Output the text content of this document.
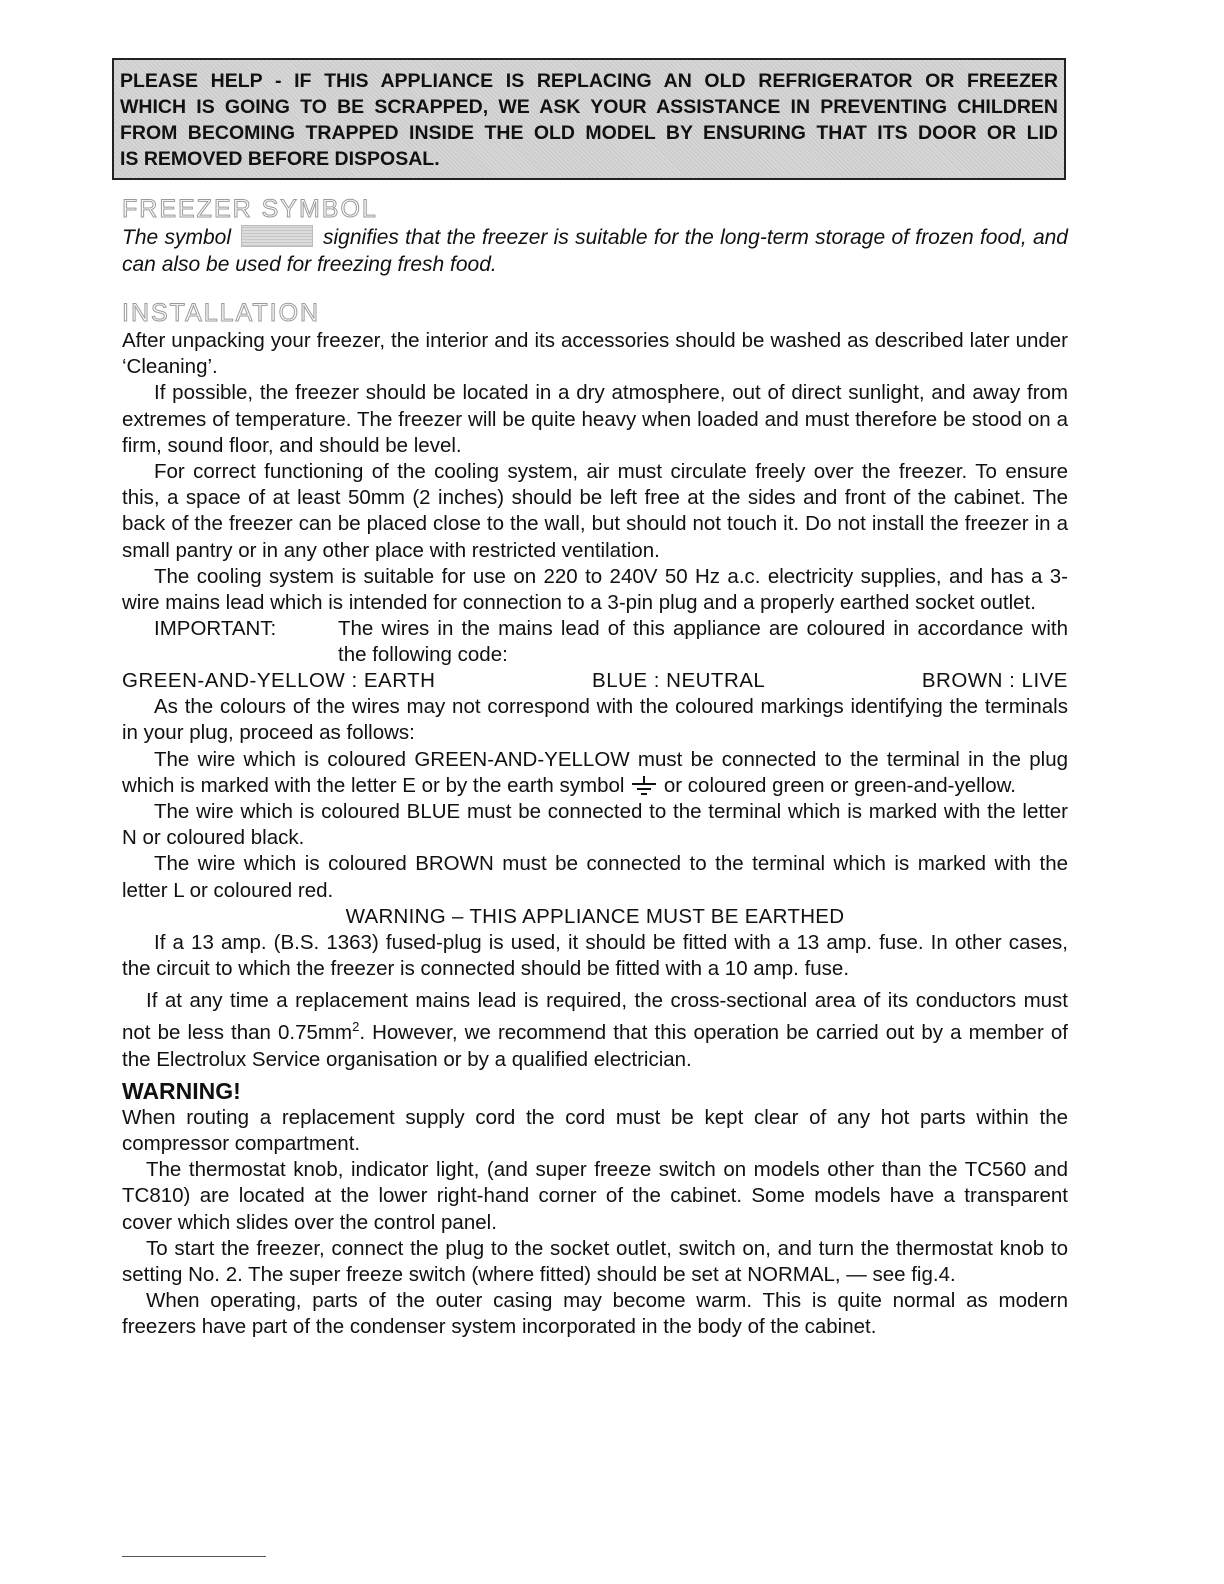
PLEASE HELP - IF THIS APPLIANCE IS REPLACING AN OLD REFRIGERATOR OR FREEZER
WHICH IS GOING TO BE SCRAPPED, WE ASK YOUR ASSISTANCE IN PREVENTING CHILDREN
FROM BECOMING TRAPPED INSIDE THE OLD MODEL BY ENSURING THAT ITS DOOR OR LID
IS REMOVED BEFORE DISPOSAL.
FREEZER SYMBOL

The symbol	signifies that the freezer is suitable for the long-term storage of frozen food, and can also be used for freezing fresh food.

INSTALLATION

After unpacking your freezer, the interior and its accessories should be washed as described later under ‘Cleaning’.

If possible, the freezer should be located in a dry atmosphere, out of direct sunlight, and away from extremes of temperature. The freezer will be quite heavy when loaded and must therefore be stood on a firm, sound floor, and should be level.

For correct functioning of the cooling system, air must circulate freely over the freezer. To ensure this, a space of at least 50mm (2 inches) should be left free at the sides and front of the cabinet. The back of the freezer can be placed close to the wall, but should not touch it. Do not install the freezer in a small pantry or in any other place with restricted ventilation.

The cooling system is suitable for use on 220 to 240V 50 Hz a.c. electricity supplies, and has a 3-wire mains lead which is intended for connection to a 3-pin plug and a properly earthed socket outlet.

IMPORTANT:	The wires in the mains lead of this appliance are coloured in accordance with the following code:
GREEN-AND-YELLOW : EARTH	BLUE : NEUTRAL	BROWN : LIVE

As the colours of the wires may not correspond with the coloured markings identifying the terminals in your plug, proceed as follows:

The wire which is coloured GREEN-AND-YELLOW must be connected to the terminal in the plug which is marked with the letter E or by the earth symbol or coloured green or green-and-yellow.

The wire which is coloured BLUE must be connected to the terminal which is marked with the letter N or coloured black.

The wire which is coloured BROWN must be connected to the terminal which is marked with the letter L or coloured red.

WARNING – THIS APPLIANCE MUST BE EARTHED

If a 13 amp. (B.S. 1363) fused-plug is used, it should be fitted with a 13 amp. fuse. In other cases, the circuit to which the freezer is connected should be fitted with a 10 amp. fuse.

If at any time a replacement mains lead is required, the cross-sectional area of its conductors must not be less than $0.75mm^2$. However, we recommend that this operation be carried out by a member of the Electrolux Service organisation or by a qualified electrician.

WARNING!

When routing a replacement supply cord the cord must be kept clear of any hot parts within the compressor compartment.

The thermostat knob, indicator light, (and super freeze switch on models other than the TC560 and TC810) are located at the lower right-hand corner of the cabinet. Some models have a transparent cover which slides over the control panel.

To start the freezer, connect the plug to the socket outlet, switch on, and turn the thermostat knob to setting No. 2. The super freeze switch (where fitted) should be set at NORMAL, — see fig.4.

When operating, parts of the outer casing may become warm. This is quite normal as modern freezers have part of the condenser system incorporated in the body of the cabinet.
